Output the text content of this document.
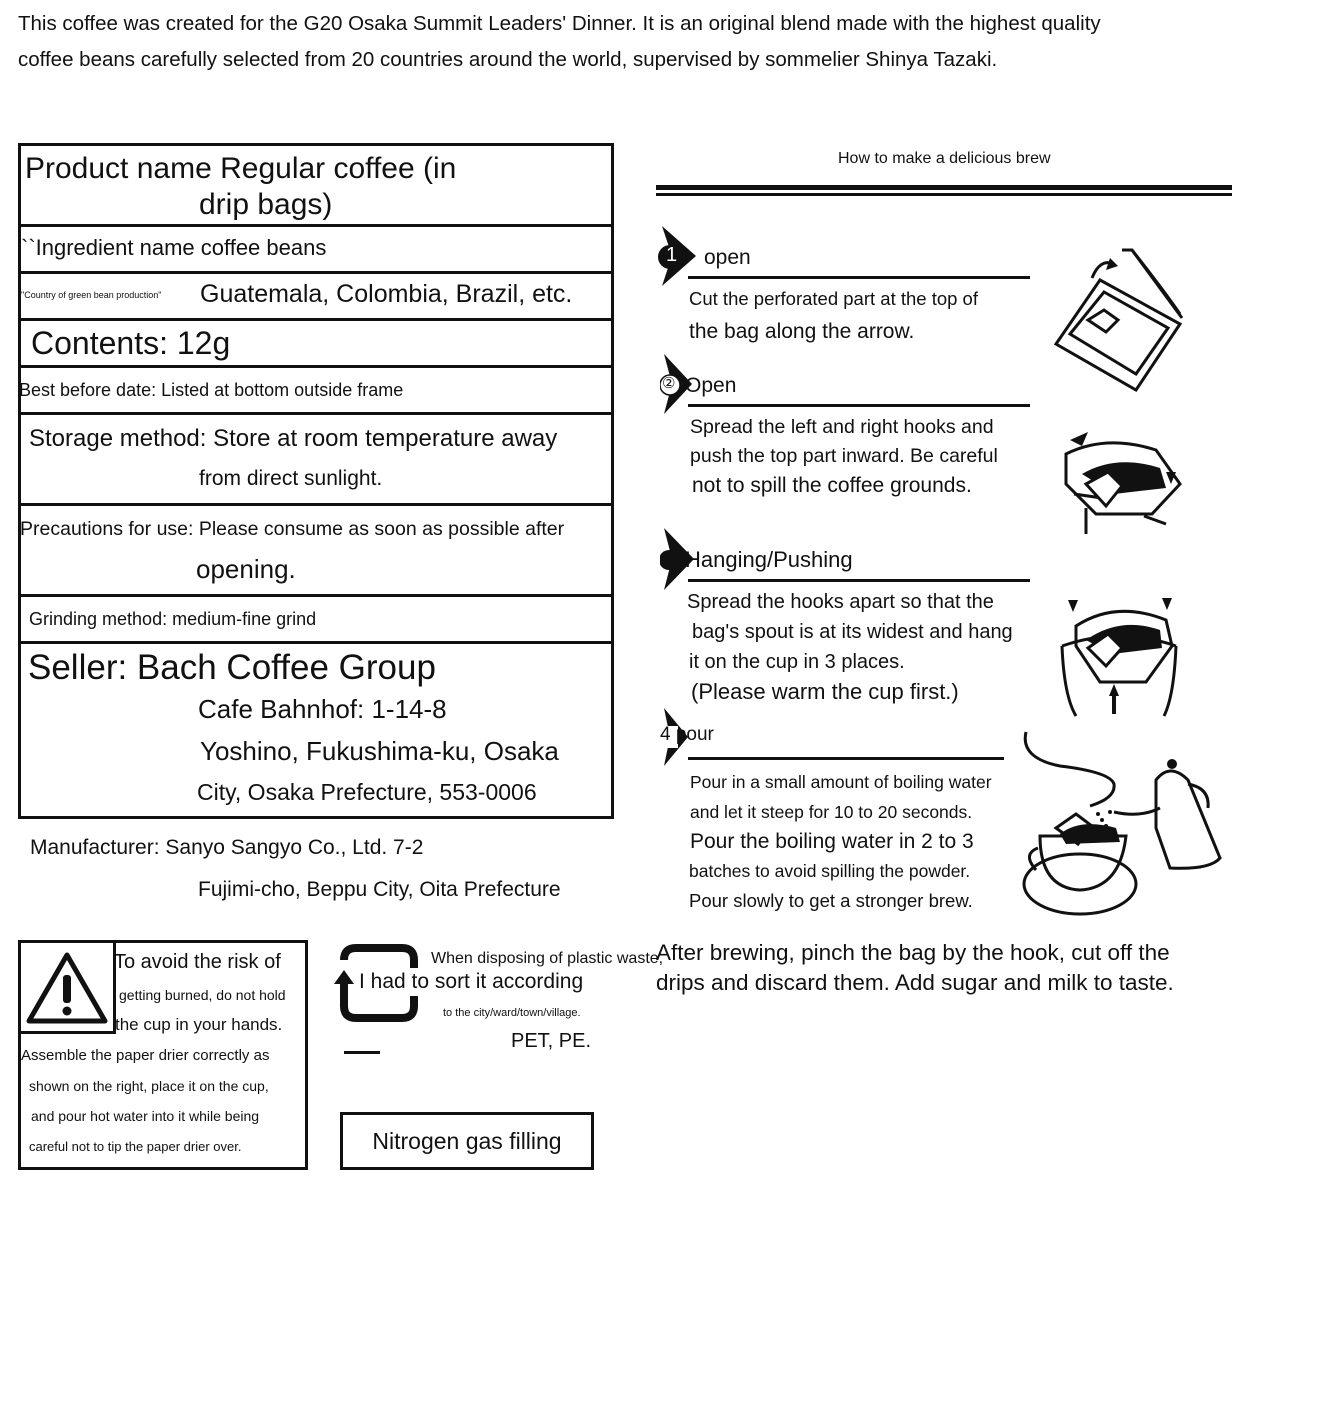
This coffee was created for the G20 Osaka Summit Leaders' Dinner. It is an original blend made with the highest quality
coffee beans carefully selected from 20 countries around the world, supervised by sommelier Shinya Tazaki.
Product name Regular coffee (in
drip bags)
``Ingredient name coffee beans
"Country of green bean production" Guatemala, Colombia, Brazil, etc.
Contents: 12g
Best before date: Listed at bottom outside frame
Storage method: Store at room temperature away
from direct sunlight.
Precautions for use: Please consume as soon as possible after
opening.
Grinding method: medium-fine grind
Seller: Bach Coffee Group
Cafe Bahnhof: 1-14-8
Yoshino, Fukushima-ku, Osaka
City, Osaka Prefecture, 553-0006
Manufacturer: Sanyo Sangyo Co., Ltd. 7-2
Fujimi-cho, Beppu City, Oita Prefecture
To avoid the risk of
getting burned, do not hold
the cup in your hands.
Assemble the paper drier correctly as
shown on the right, place it on the cup,
and pour hot water into it while being
careful not to tip the paper drier over.
When disposing of plastic waste,
I had to sort it according
to the city/ward/town/village.
PET, PE.
Nitrogen gas filling
How to make a delicious brew
1 open
Cut the perforated part at the top of
the bag along the arrow.
② Open
Spread the left and right hooks and
push the top part inward. Be careful
not to spill the coffee grounds.
Hanging/Pushing
Spread the hooks apart so that the
bag's spout is at its widest and hang
it on the cup in 3 places.
(Please warm the cup first.)
4 pour
Pour in a small amount of boiling water
and let it steep for 10 to 20 seconds.
Pour the boiling water in 2 to 3
batches to avoid spilling the powder.
Pour slowly to get a stronger brew.
After brewing, pinch the bag by the hook, cut off the
drips and discard them. Add sugar and milk to taste.
